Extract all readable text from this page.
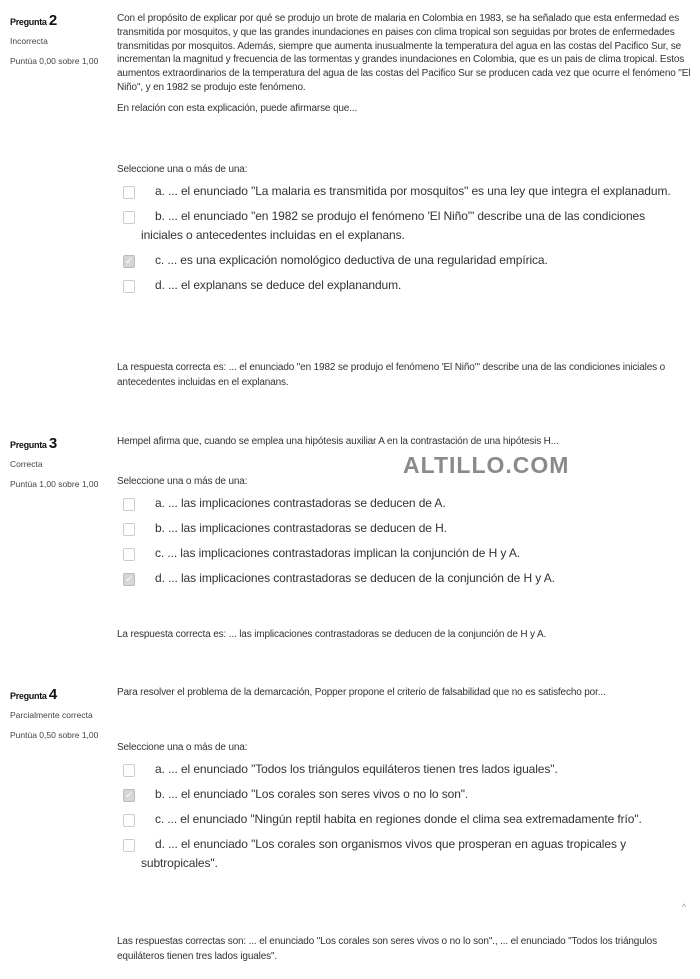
Pregunta 2
Incorrecta
Puntúa 0,00 sobre 1,00
Con el propósito de explicar por qué se produjo un brote de malaria en Colombia en 1983, se ha señalado que esta enfermedad es transmitida por mosquitos, y que las grandes inundaciones en paises con clima tropical son seguidas por brotes de enfermedades transmitidas por mosquitos. Además, siempre que aumenta inusualmente la temperatura del agua en las costas del Pacifico Sur, se incrementan la magnitud y frecuencia de las tormentas y grandes inundaciones en Colombia, que es un pais de clima tropical. Estos aumentos extraordinarios de la temperatura del agua de las costas del Pacifico Sur se producen cada vez que ocurre el fenómeno "El Niño", y en 1982 se produjo este fenómeno.
En relación con esta explicación, puede afirmarse que...
Seleccione una o más de una:
a. ... el enunciado "La malaria es transmitida por mosquitos" es una ley que integra el explanadum.
b. ... el enunciado "en 1982 se produjo el fenómeno 'El Niño'" describe una de las condiciones iniciales o antecedentes incluidas en el explanans.
✓ c. ... es una explicación nomológico deductiva de una regularidad empírica.
d. ... el explanans se deduce del explanandum.
La respuesta correcta es: ... el enunciado "en 1982 se produjo el fenómeno 'El Niño'" describe una de las condiciones iniciales o antecedentes incluidas en el explanans.
Pregunta 3
Correcta
Puntúa 1,00 sobre 1,00
Hempel afirma que, cuando se emplea una hipótesis auxiliar A en la contrastación de una hipótesis H...
Seleccione una o más de una:
a. ... las implicaciones contrastadoras se deducen de A.
b. ... las implicaciones contrastadoras se deducen de H.
c. ... las implicaciones contrastadoras implican la conjunción de H y A.
✓ d. ... las implicaciones contrastadoras se deducen de la conjunción de H y A.
La respuesta correcta es: ... las implicaciones contrastadoras se deducen de la conjunción de H y A.
Pregunta 4
Parcialmente correcta
Puntúa 0,50 sobre 1,00
Para resolver el problema de la demarcación, Popper propone el criterio de falsabilidad que no es satisfecho por...
Seleccione una o más de una:
a. ... el enunciado "Todos los triángulos equiláteros tienen tres lados iguales".
✓ b. ... el enunciado "Los corales son seres vivos o no lo son".
c. ... el enunciado "Ningún reptil habita en regiones donde el clima sea extremadamente frío".
d. ... el enunciado "Los corales son organismos vivos que prosperan en aguas tropicales y subtropicales".
Las respuestas correctas son: ... el enunciado "Los corales son seres vivos o no lo son"., ... el enunciado "Todos los triángulos equiláteros tienen tres lados iguales".
ALTILLO.COM
^
